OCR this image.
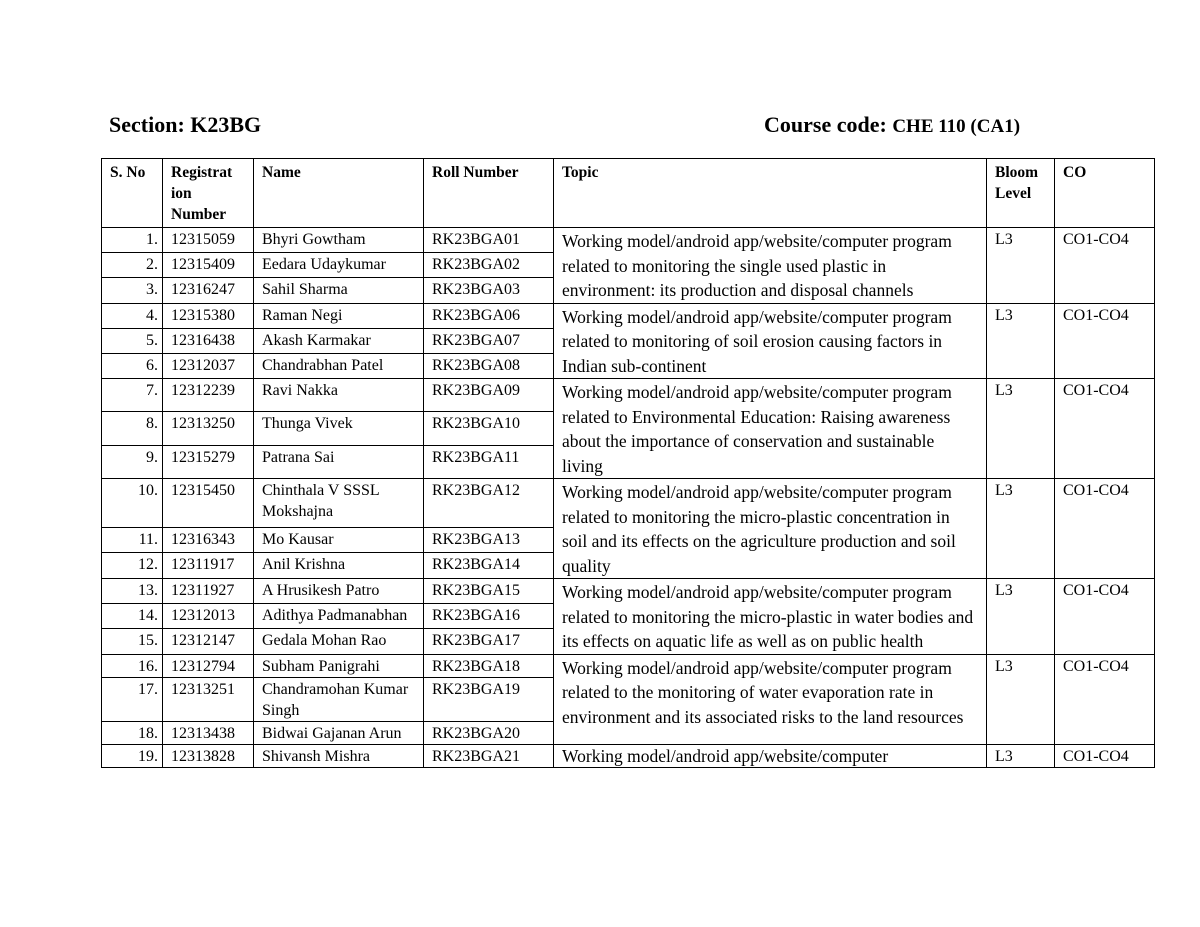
Section: K23BG	Course code: CHE 110 (CA1)
S. No	Registrat ion Number	Name	Roll Number	Topic	Bloom Level	CO
1.	12315059	Bhyri Gowtham	RK23BGA01	Working model/android app/website/computer program related to monitoring the single used plastic in environment: its production and disposal channels	L3	CO1-CO4
2.	12315409	Eedara Udaykumar	RK23BGA02			
3.	12316247	Sahil Sharma	RK23BGA03			
4.	12315380	Raman Negi	RK23BGA06	Working model/android app/website/computer program related to monitoring of soil erosion causing factors in Indian sub-continent	L3	CO1-CO4
5.	12316438	Akash Karmakar	RK23BGA07			
6.	12312037	Chandrabhan Patel	RK23BGA08			
7.	12312239	Ravi Nakka	RK23BGA09	Working model/android app/website/computer program related to Environmental Education: Raising awareness about the importance of conservation and sustainable living	L3	CO1-CO4
8.	12313250	Thunga Vivek	RK23BGA10			
9.	12315279	Patrana Sai	RK23BGA11			
10.	12315450	Chinthala V SSSL Mokshajna	RK23BGA12	Working model/android app/website/computer program related to monitoring the micro-plastic concentration in soil and its effects on the agriculture production and soil quality	L3	CO1-CO4
11.	12316343	Mo Kausar	RK23BGA13			
12.	12311917	Anil Krishna	RK23BGA14			
13.	12311927	A Hrusikesh Patro	RK23BGA15	Working model/android app/website/computer program related to monitoring the micro-plastic in water bodies and its effects on aquatic life as well as on public health	L3	CO1-CO4
14.	12312013	Adithya Padmanabhan	RK23BGA16			
15.	12312147	Gedala Mohan Rao	RK23BGA17			
16.	12312794	Subham Panigrahi	RK23BGA18	Working model/android app/website/computer program related to the monitoring of water evaporation rate in environment and its associated risks to the land resources	L3	CO1-CO4
17.	12313251	Chandramohan Kumar Singh	RK23BGA19			
18.	12313438	Bidwai Gajanan Arun	RK23BGA20			
19.	12313828	Shivansh Mishra	RK23BGA21	Working model/android app/website/computer	L3	CO1-CO4
